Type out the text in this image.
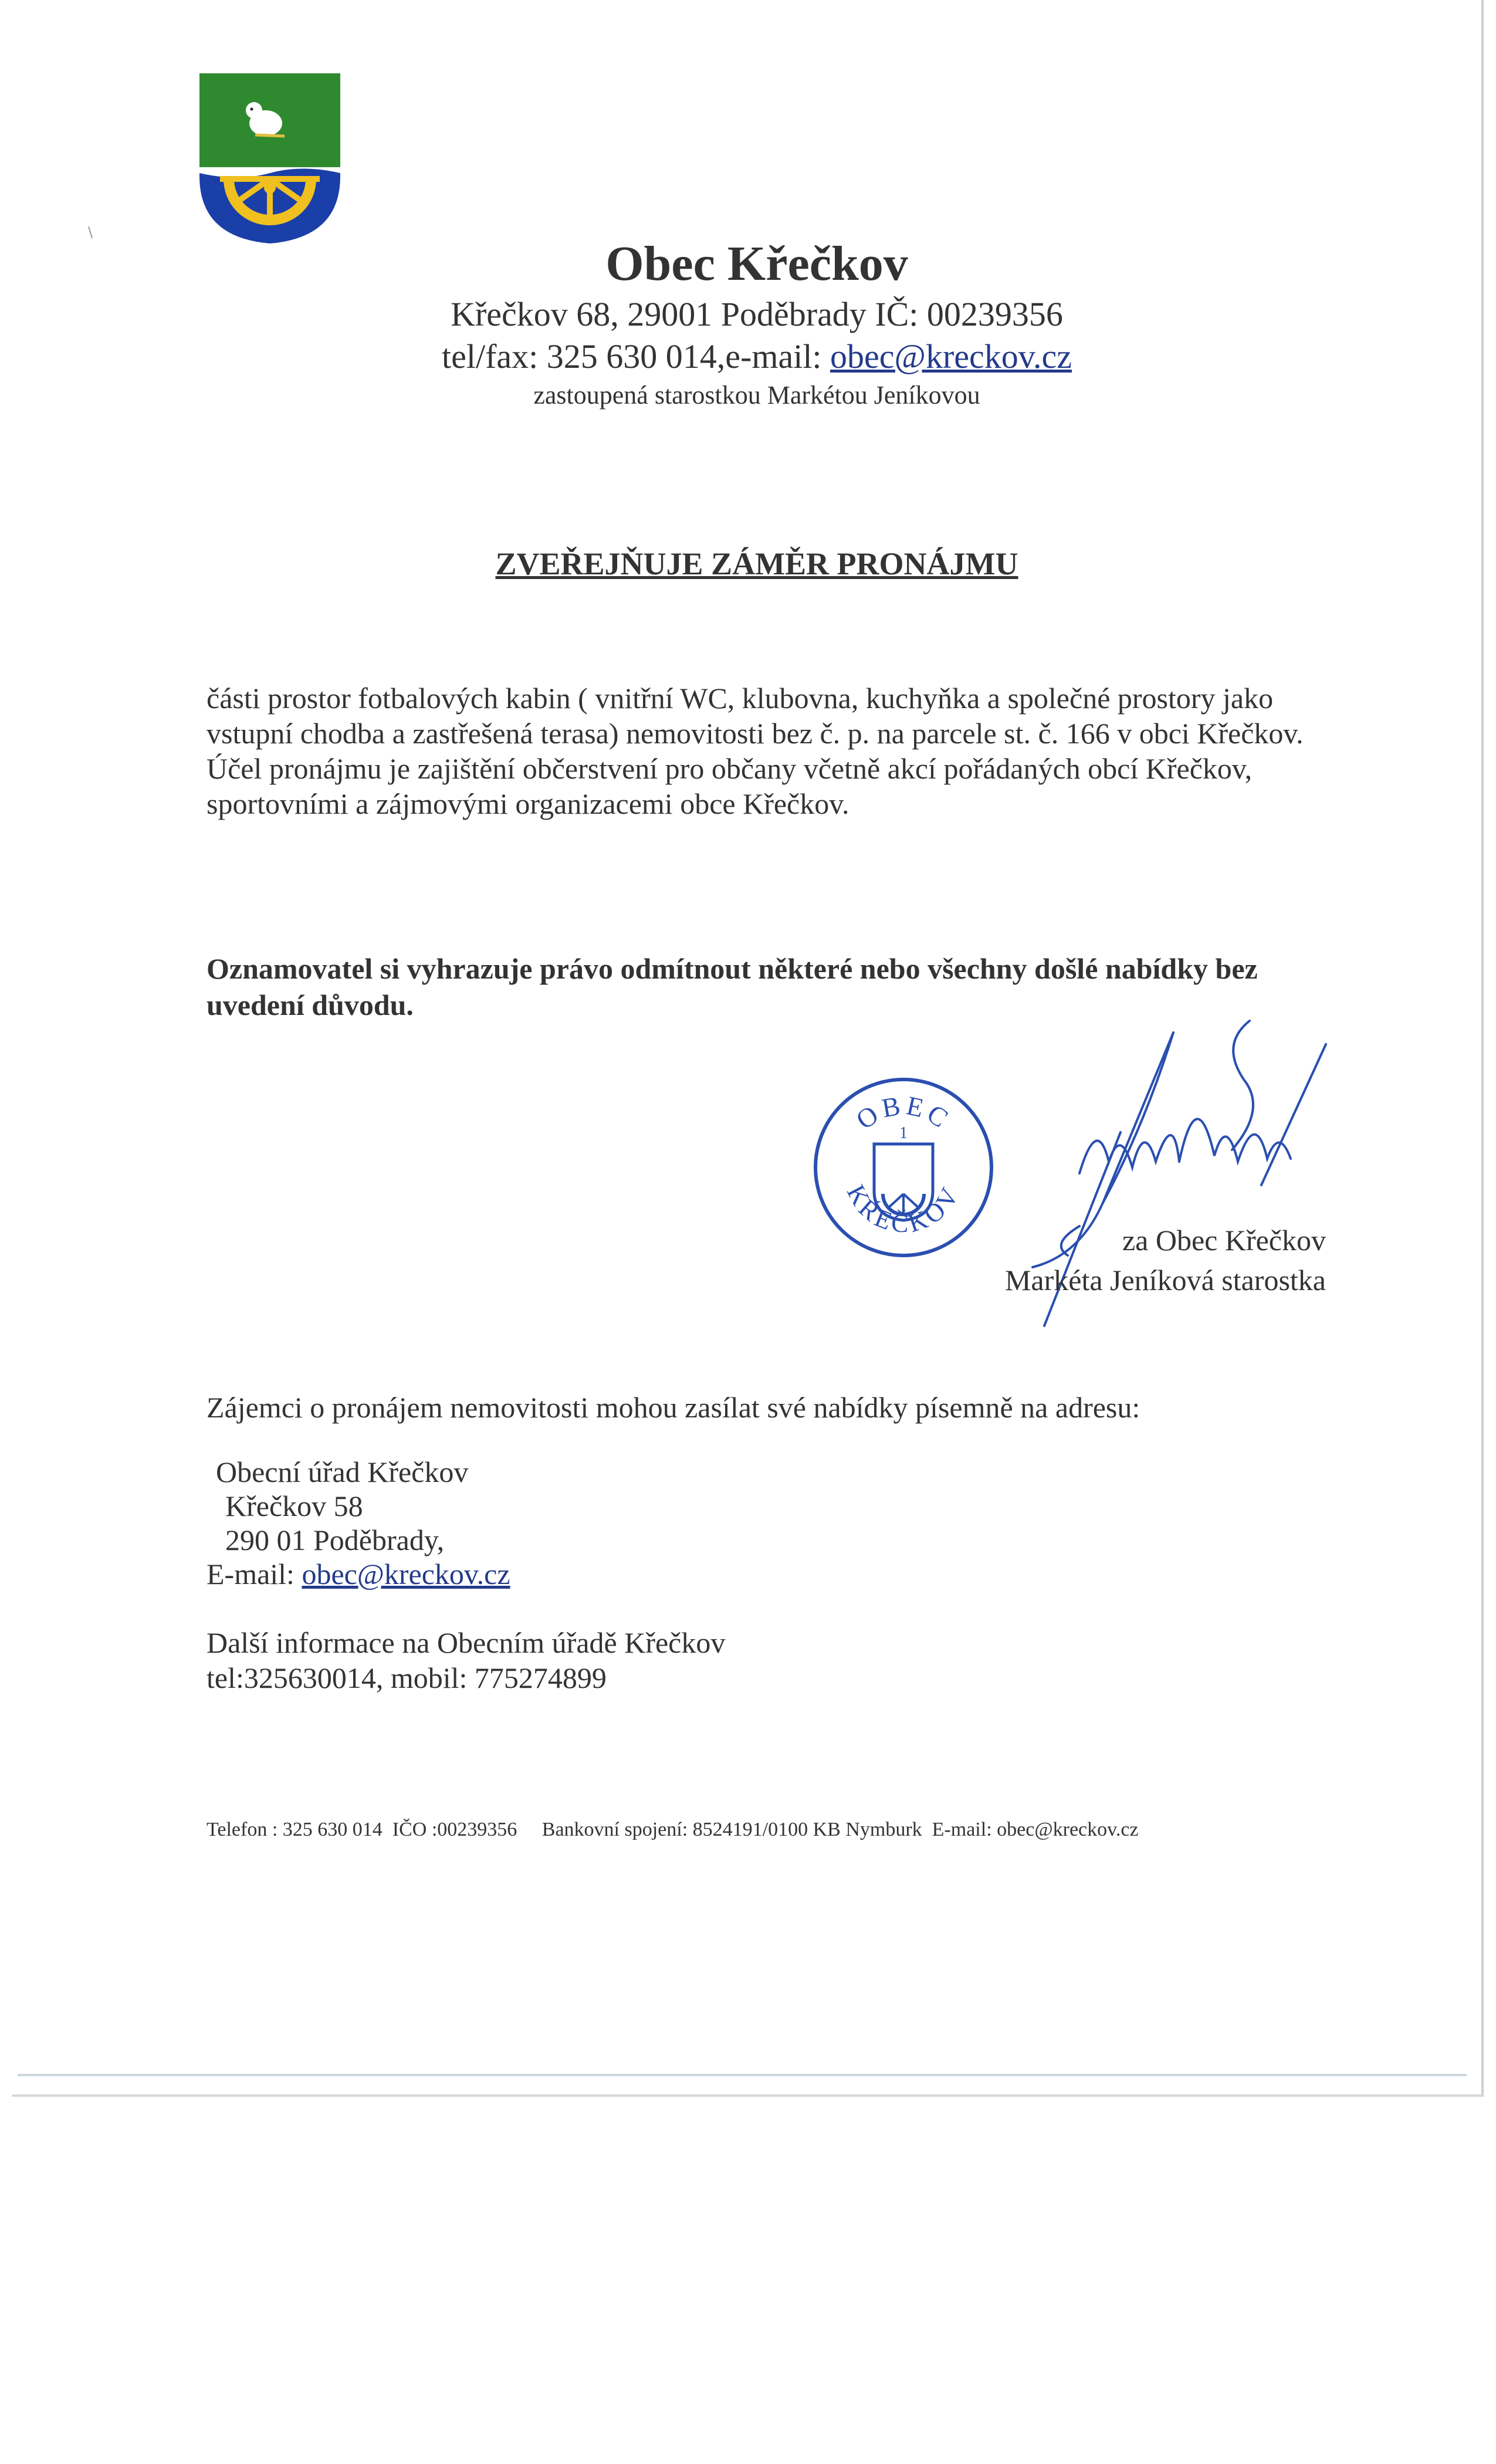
Obec Křečkov
Křečkov 68, 29001 Poděbrady IČ: 00239356
tel/fax: 325 630 014,e-mail: obec@kreckov.cz
zastoupená starostkou Markétou Jeníkovou
ZVEŘEJŇUJE ZÁMĚR PRONÁJMU
části prostor fotbalových kabin ( vnitřní WC, klubovna, kuchyňka a společné prostory jako
vstupní chodba a zastřešená terasa) nemovitosti bez č. p. na parcele st. č. 166 v obci Křečkov.
Účel pronájmu je zajištění občerstvení pro občany včetně akcí pořádaných obcí Křečkov,
sportovními a zájmovými organizacemi obce Křečkov.
Oznamovatel si vyhrazuje právo odmítnout některé nebo všechny došlé nabídky bez
uvedení důvodu.
OBEC
1
KŘEČKOV
za Obec Křečkov
Markéta Jeníková starostka
Zájemci o pronájem nemovitosti mohou zasílat své nabídky písemně na adresu:
Obecní úřad Křečkov
Křečkov 58
290 01 Poděbrady,
E-mail: obec@kreckov.cz
Další informace na Obecním úřadě Křečkov
tel:325630014, mobil: 775274899
Telefon : 325 630 014  IČO :00239356     Bankovní spojení: 8524191/0100 KB Nymburk  E-mail: obec@kreckov.cz
